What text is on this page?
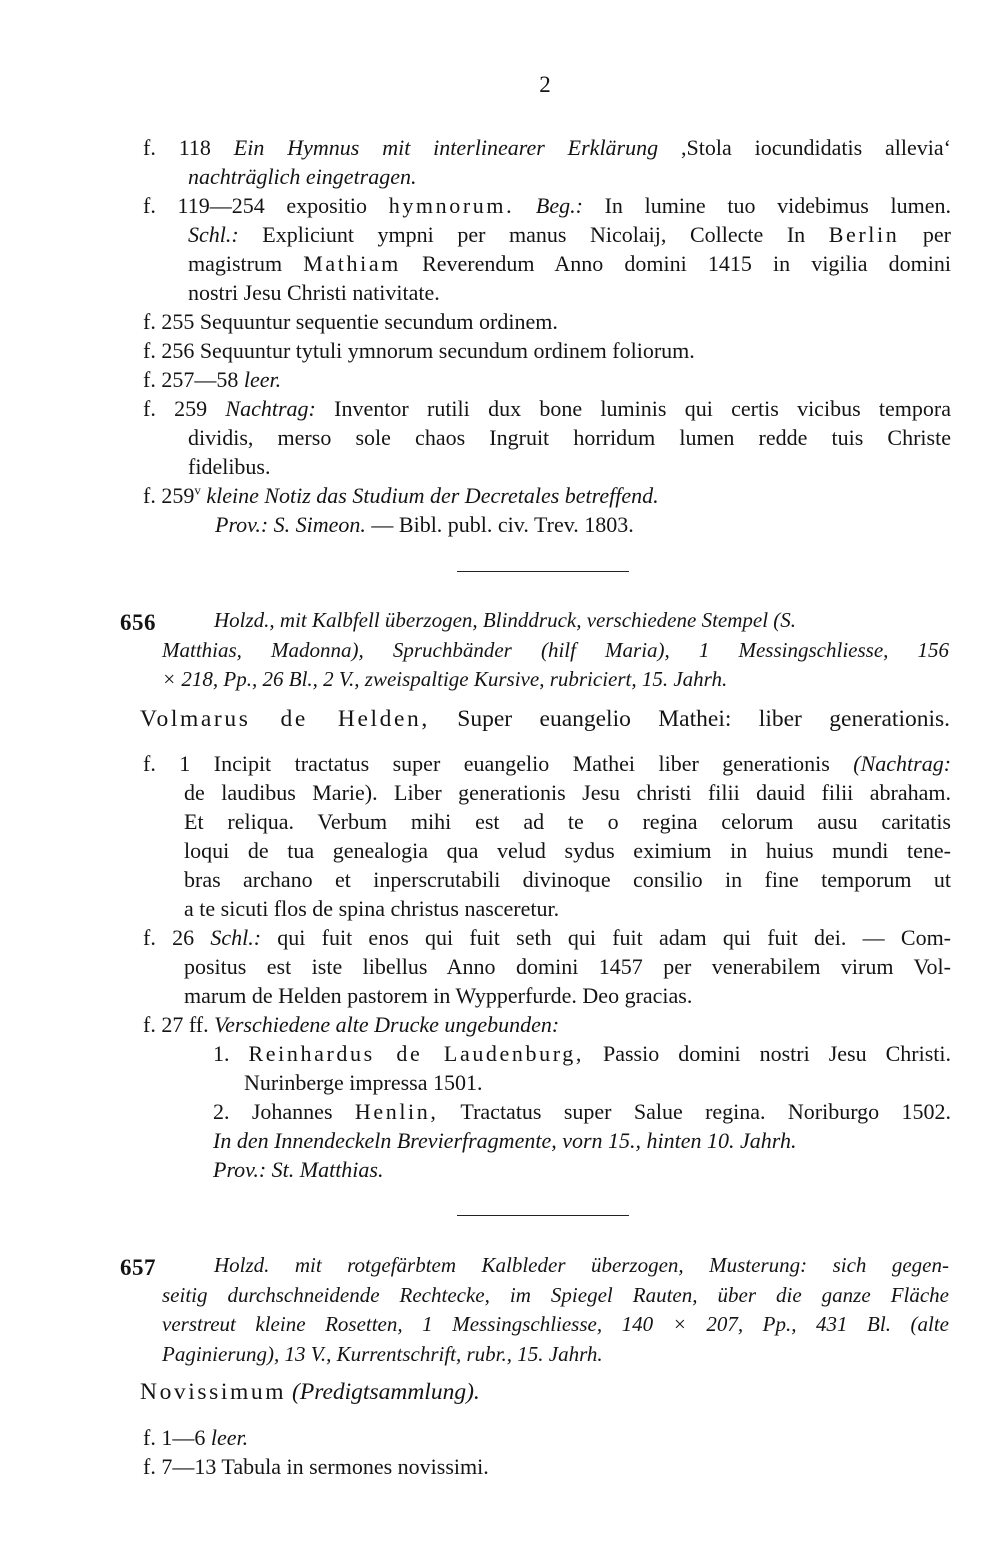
2

f. 118 Ein Hymnus mit interlinearer Erklärung ,Stola iocundidatis allevia‘

nachträglich eingetragen.

f. 119—254 expositio hymnorum. Beg.: In lumine tuo videbimus lumen.

Schl.: Expliciunt ympni per manus Nicolaij, Collecte In Berlin per

magistrum Mathiam Reverendum Anno domini 1415 in vigilia domini

nostri Jesu Christi nativitate.

f. 255 Sequuntur sequentie secundum ordinem.

f. 256 Sequuntur tytuli ymnorum secundum ordinem foliorum.

f. 257—58 leer.

f. 259 Nachtrag: Inventor rutili dux bone luminis qui certis vicibus tempora

dividis, merso sole chaos Ingruit horridum lumen redde tuis Christe

fidelibus.

f. 259$^v$ kleine Notiz das Studium der Decretales betreffend.

Prov.: S. Simeon. — Bibl. publ. civ. Trev. 1803.

656	Holzd., mit Kalbfell überzogen, Blinddruck, verschiedene Stempel (S.
Matthias, Madonna), Spruchbänder (hilf Maria), 1 Messingschliesse, 156
× 218, Pp., 26 Bl., 2 V., zweispaltige Kursive, rubriciert, 15. Jahrh.
Volmarus de Helden, Super euangelio Mathei: liber generationis.

f. 1 Incipit tractatus super euangelio Mathei liber generationis (Nachtrag:

de laudibus Marie). Liber generationis Jesu christi filii dauid filii abraham.

Et reliqua. Verbum mihi est ad te o regina celorum ausu caritatis

loqui de tua genealogia qua velud sydus eximium in huius mundi tene-

bras archano et inperscrutabili divinoque consilio in fine temporum ut

a te sicuti flos de spina christus nasceretur.

f. 26 Schl.: qui fuit enos qui fuit seth qui fuit adam qui fuit dei. — Com-

positus est iste libellus Anno domini 1457 per venerabilem virum Vol-

marum de Helden pastorem in Wypperfurde. Deo gracias.

f. 27 ff. Verschiedene alte Drucke ungebunden:

1. Reinhardus de Laudenburg, Passio domini nostri Jesu Christi.

Nurinberge impressa 1501.

2. Johannes Henlin, Tractatus super Salue regina. Noriburgo 1502.

In den Innendeckeln Brevierfragmente, vorn 15., hinten 10. Jahrh.

Prov.: St. Matthias.

657	Holzd. mit rotgefärbtem Kalbleder überzogen, Musterung: sich gegen-
seitig durchschneidende Rechtecke, im Spiegel Rauten, über die ganze Fläche
verstreut kleine Rosetten, 1 Messingschliesse, 140 × 207, Pp., 431 Bl. (alte
Paginierung), 13 V., Kurrentschrift, rubr., 15. Jahrh.
Novissimum (Predigtsammlung).

f. 1—6 leer.

f. 7—13 Tabula in sermones novissimi.
